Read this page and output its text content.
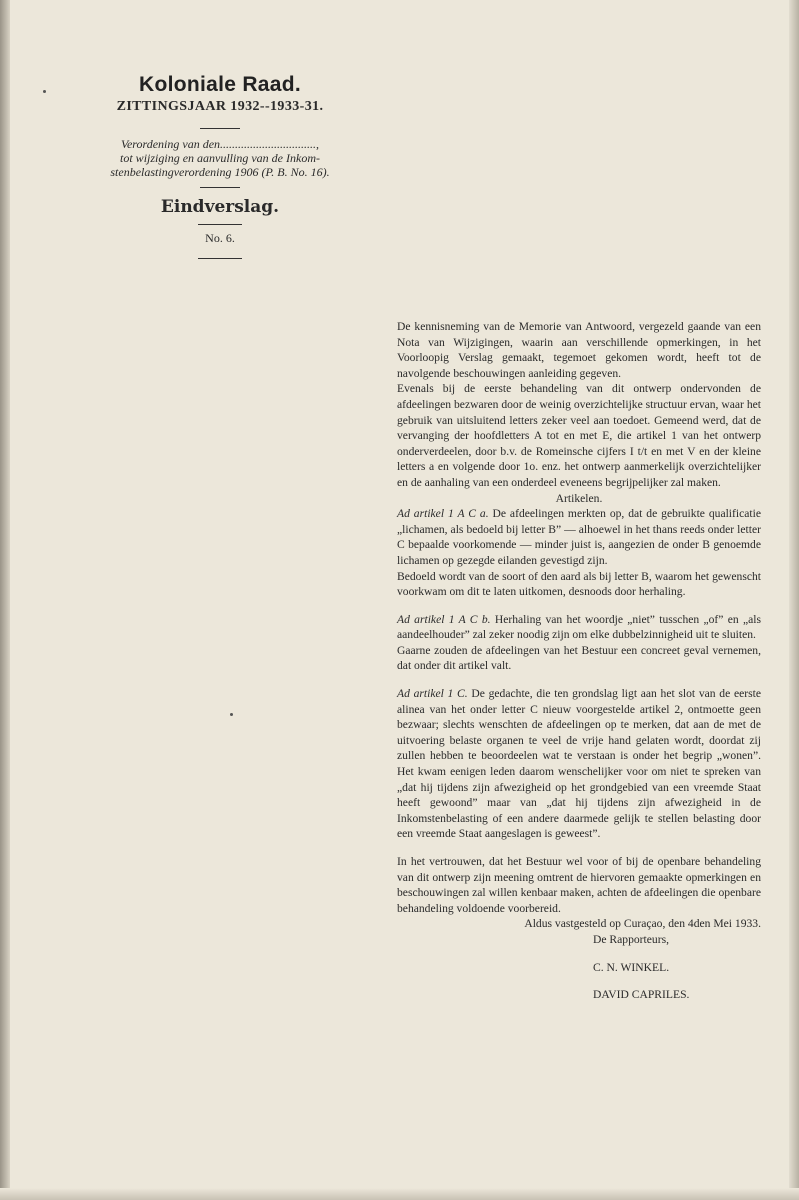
Koloniale Raad.

ZITTINGSJAAR 1932--1933-31.

Verordening van den................................,
tot wijziging en aanvulling van de Inkom-
stenbelastingverordening 1906 (P. B. No. 16).

Eindverslag.

No. 6.

De kennisneming van de Memorie van Antwoord, vergezeld gaande van een Nota van Wijzigingen, waarin aan verschillende opmerkingen, in het Voorloopig Verslag gemaakt, tegemoet gekomen wordt, heeft tot de navolgende beschouwingen aanleiding gegeven.

Evenals bij de eerste behandeling van dit ontwerp ondervonden de afdeelingen bezwaren door de weinig overzichtelijke structuur ervan, waar het gebruik van uitsluitend letters zeker veel aan toedoet. Gemeend werd, dat de vervanging der hoofdletters A tot en met E, die artikel 1 van het ontwerp onderverdeelen, door b.v. de Romeinsche cijfers I t/t en met V en der kleine letters a en volgende door 1o. enz. het ontwerp aanmerkelijk overzichtelijker en de aanhaling van een onderdeel eveneens begrijpelijker zal maken.

Artikelen.

Ad artikel 1 A C a. De afdeelingen merkten op, dat de gebruikte qualificatie „lichamen, als bedoeld bij letter B” — alhoewel in het thans reeds onder letter C bepaalde voorkomende — minder juist is, aangezien de onder B genoemde lichamen op gezegde eilanden gevestigd zijn.

Bedoeld wordt van de soort of den aard als bij letter B, waarom het gewenscht voorkwam om dit te laten uitkomen, desnoods door herhaling.

Ad artikel 1 A C b. Herhaling van het woordje „niet” tusschen „of” en „als aandeelhouder” zal zeker noodig zijn om elke dubbelzinnigheid uit te sluiten.

Gaarne zouden de afdeelingen van het Bestuur een concreet geval vernemen, dat onder dit artikel valt.

Ad artikel 1 C. De gedachte, die ten grondslag ligt aan het slot van de eerste alinea van het onder letter C nieuw voorgestelde artikel 2, ontmoette geen bezwaar; slechts wenschten de afdeelingen op te merken, dat aan de met de uitvoering belaste organen te veel de vrije hand gelaten wordt, doordat zij zullen hebben te beoordeelen wat te verstaan is onder het begrip „wonen”. Het kwam eenigen leden daarom wenschelijker voor om niet te spreken van „dat hij tijdens zijn afwezigheid op het grondgebied van een vreemde Staat heeft gewoond” maar van „dat hij tijdens zijn afwezigheid in de Inkomstenbelasting of een andere daarmede gelijk te stellen belasting door een vreemde Staat aangeslagen is geweest”.

In het vertrouwen, dat het Bestuur wel voor of bij de openbare behandeling van dit ontwerp zijn meening omtrent de hiervoren gemaakte opmerkingen en beschouwingen zal willen kenbaar maken, achten de afdeelingen die openbare behandeling voldoende voorbereid.

Aldus vastgesteld op Curaçao, den 4den Mei 1933.

De Rapporteurs,

C. N. WINKEL.

DAVID CAPRILES.
